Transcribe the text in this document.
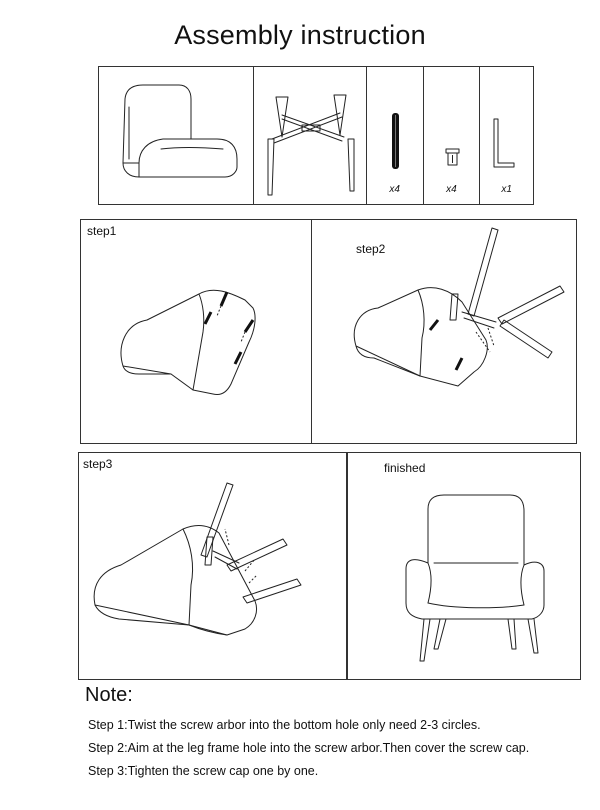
Assembly instruction
x4	x4	x1
step1
step2
step3	finished
Note:
Step 1:Twist the screw arbor into the bottom hole only need 2-3 circles.
Step 2:Aim at the leg frame hole into the screw arbor.Then cover the screw cap.
Step 3:Tighten the screw cap one by one.
